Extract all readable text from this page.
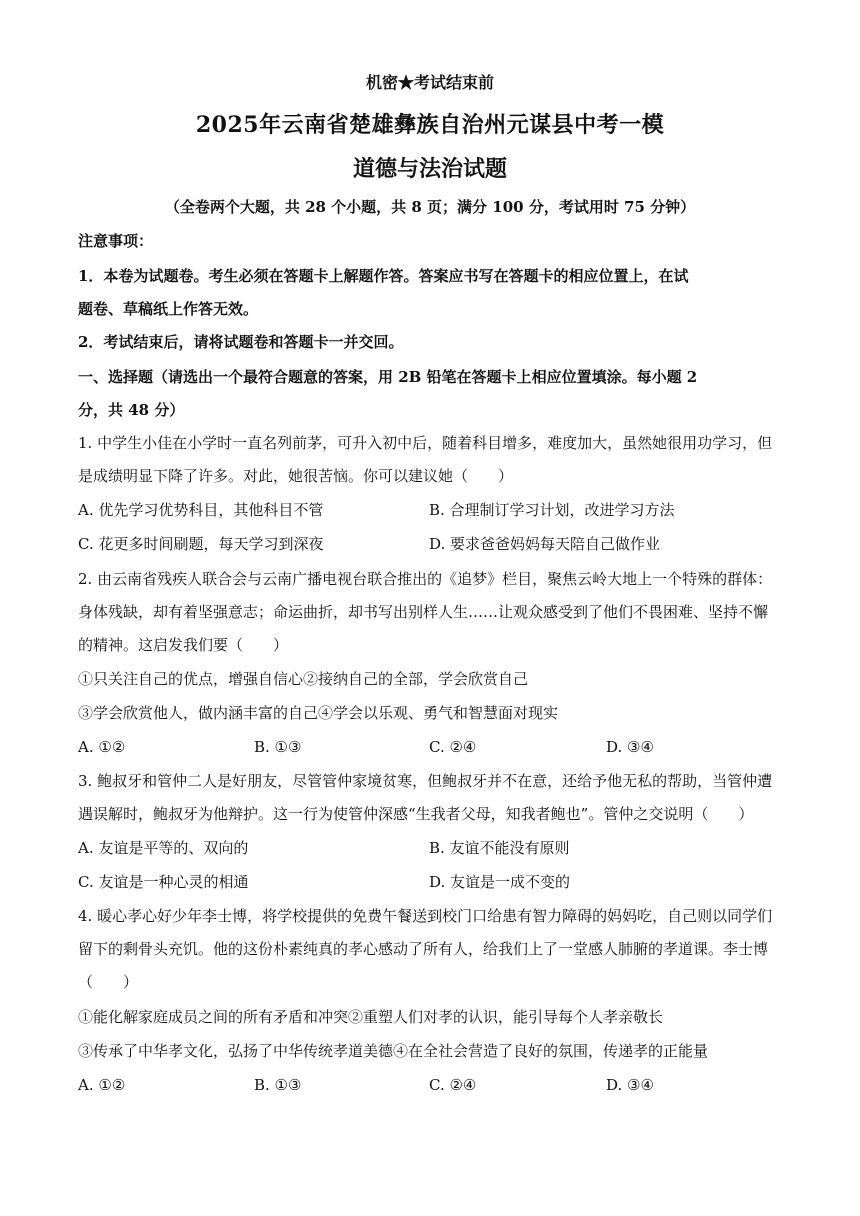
机密★考试结束前
2025年云南省楚雄彝族自治州元谋县中考一模
道德与法治试题
（全卷两个大题，共 28 个小题，共 8 页；满分 100 分，考试用时 75 分钟）
注意事项：
1．本卷为试题卷。考生必须在答题卡上解题作答。答案应书写在答题卡的相应位置上，在试
题卷、草稿纸上作答无效。
2．考试结束后，请将试题卷和答题卡一并交回。
一、选择题（请选出一个最符合题意的答案，用 2B 铅笔在答题卡上相应位置填涂。每小题 2
分，共 48 分）
1. 中学生小佳在小学时一直名列前茅，可升入初中后，随着科目增多，难度加大，虽然她很用功学习，但
是成绩明显下降了许多。对此，她很苦恼。你可以建议她（　　）
A. 优先学习优势科目，其他科目不管	B. 合理制订学习计划，改进学习方法
C. 花更多时间刷题，每天学习到深夜	D. 要求爸爸妈妈每天陪自己做作业
2. 由云南省残疾人联合会与云南广播电视台联合推出的《追梦》栏目，聚焦云岭大地上一个特殊的群体：
身体残缺，却有着坚强意志；命运曲折，却书写出别样人生……让观众感受到了他们不畏困难、坚持不懈
的精神。这启发我们要（　　）
①只关注自己的优点，增强自信心②接纳自己的全部，学会欣赏自己
③学会欣赏他人，做内涵丰富的自己④学会以乐观、勇气和智慧面对现实
A. ①②	B. ①③	C. ②④	D. ③④
3. 鲍叔牙和管仲二人是好朋友，尽管管仲家境贫寒，但鲍叔牙并不在意，还给予他无私的帮助，当管仲遭
遇误解时，鲍叔牙为他辩护。这一行为使管仲深感“生我者父母，知我者鲍也”。管仲之交说明（　　）
A. 友谊是平等的、双向的	B. 友谊不能没有原则
C. 友谊是一种心灵的相通	D. 友谊是一成不变的
4. 暖心孝心好少年李士博，将学校提供的免费午餐送到校门口给患有智力障碍的妈妈吃，自己则以同学们
留下的剩骨头充饥。他的这份朴素纯真的孝心感动了所有人，给我们上了一堂感人肺腑的孝道课。李士博
（　　）
①能化解家庭成员之间的所有矛盾和冲突②重塑人们对孝的认识，能引导每个人孝亲敬长
③传承了中华孝文化，弘扬了中华传统孝道美德④在全社会营造了良好的氛围，传递孝的正能量
A. ①②	B. ①③	C. ②④	D. ③④
